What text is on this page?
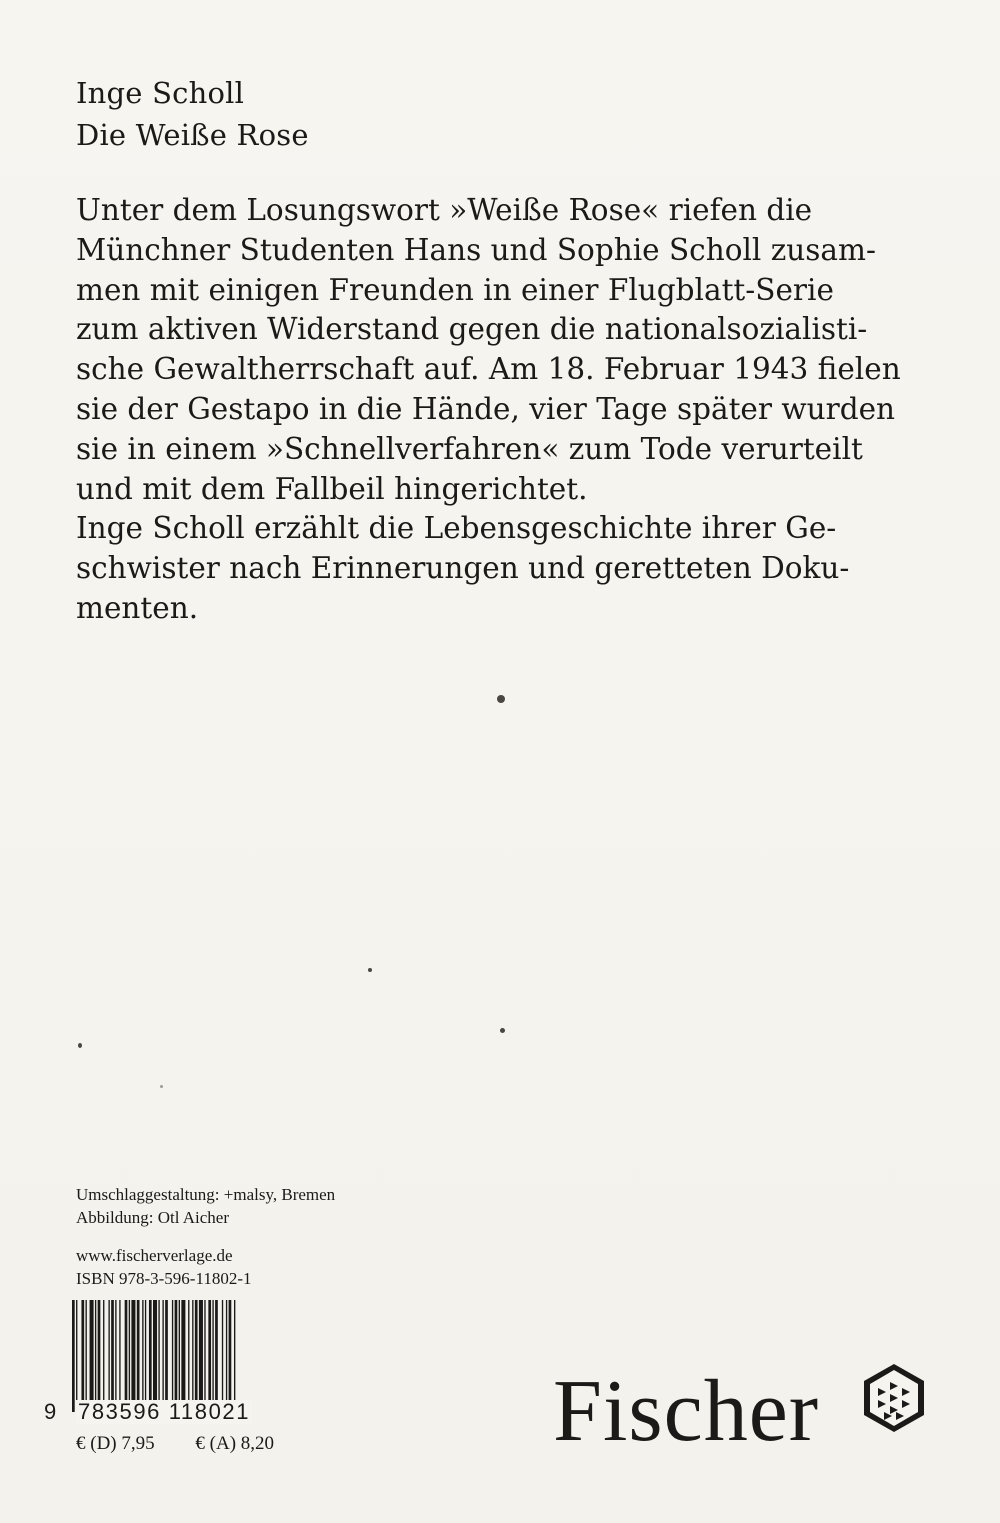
Inge Scholl
Die Weiße Rose
Unter dem Losungswort »Weiße Rose« riefen die
Münchner Studenten Hans und Sophie Scholl zusam-
men mit einigen Freunden in einer Flugblatt-Serie
zum aktiven Widerstand gegen die nationalsozialisti-
sche Gewaltherrschaft auf. Am 18. Februar 1943 fielen
sie der Gestapo in die Hände, vier Tage später wurden
sie in einem »Schnellverfahren« zum Tode verurteilt
und mit dem Fallbeil hingerichtet.
Inge Scholl erzählt die Lebensgeschichte ihrer Ge-
schwister nach Erinnerungen und geretteten Doku-
menten.
Umschlaggestaltung: +malsy, Bremen
Abbildung: Otl Aicher
www.fischerverlage.de
ISBN 978-3-596-11802-1
9 783596 118021
€ (D) 7,95 € (A) 8,20	Fischer
